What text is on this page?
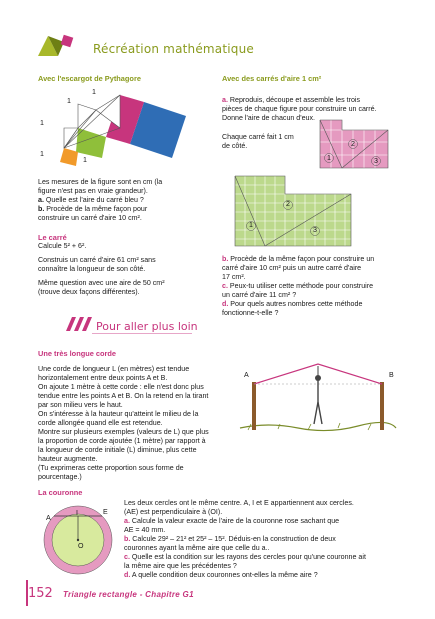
Récréation mathématique
Avec l'escargot de Pythagore
1
1
1
1
1
Les mesures de la figure sont en cm (la
figure n'est pas en vraie grandeur).
a. Quelle est l'aire du carré bleu ?
b. Procède de la même façon pour
construire un carré d'aire 10 cm².
Le carré
Calcule 5² + 6².
Construis un carré d'aire 61 cm² sans
connaître la longueur de son côté.
Même question avec une aire de 50 cm²
(trouve deux façons différentes).
Avec des carrés d'aire 1 cm²
a. Reproduis, découpe et assemble les trois
pièces de chaque figure pour construire un carré.
Donne l'aire de chacun d'eux.
Chaque carré fait 1 cm
de côté.
1
2
3
1
2
3
b. Procède de la même façon pour construire un
carré d'aire 10 cm² puis un autre carré d'aire
17 cm².
c. Peux-tu utiliser cette méthode pour construire
un carré d'aire 11 cm² ?
d. Pour quels autres nombres cette méthode
fonctionne-t-elle ?
Pour aller plus loin
Une très longue corde
Une corde de longueur L (en mètres) est tendue
horizontalement entre deux points A et B.
On ajoute 1 mètre à cette corde : elle n'est donc plus
tendue entre les points A et B. On la retend en la tirant
par son milieu vers le haut.
On s'intéresse à la hauteur qu'atteint le milieu de la
corde allongée quand elle est retendue.
Montre sur plusieurs exemples (valeurs de L) que plus
la proportion de corde ajoutée (1 mètre) par rapport à
la longueur de corde initiale (L) diminue, plus cette
hauteur augmente.
(Tu exprimeras cette proportion sous forme de
pourcentage.)
A	B
La couronne
A
I	E
O
Les deux cercles ont le même centre. A, I et E appartiennent aux cercles.
(AE) est perpendiculaire à (OI).
a. Calcule la valeur exacte de l'aire de la couronne rose sachant que
AE = 40 mm.
b. Calcule 29² – 21² et 25² – 15². Déduis-en la construction de deux
couronnes ayant la même aire que celle du a..
c. Quelle est la condition sur les rayons des cercles pour qu'une couronne ait
la même aire que les précédentes ?
d. A quelle condition deux couronnes ont-elles la même aire ?
152 Triangle rectangle - Chapitre G1
